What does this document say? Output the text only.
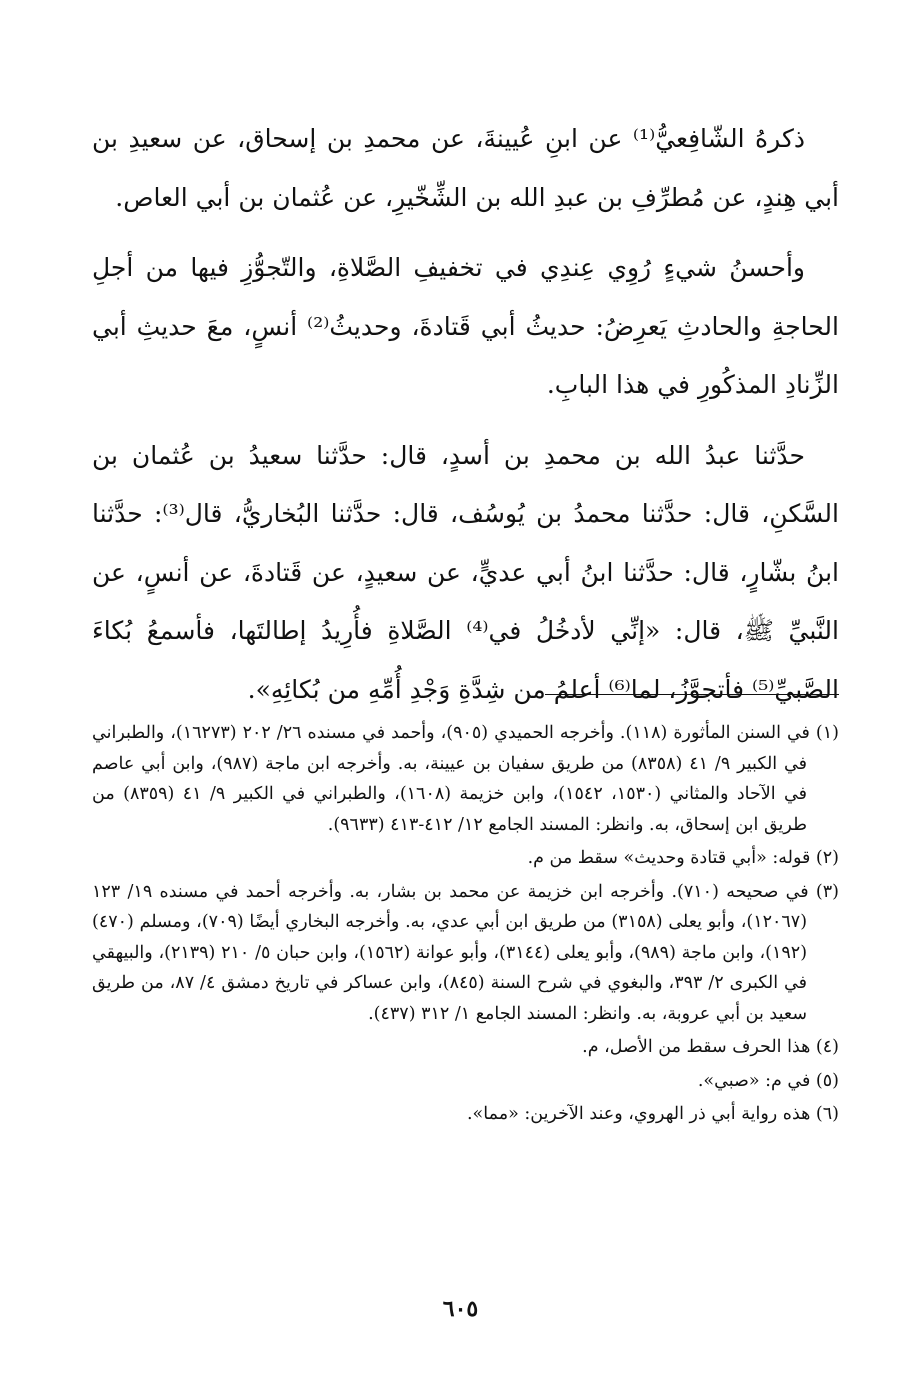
ذكرهُ الشّافِعيُّ⁽¹⁾ عن ابنِ عُيينةَ، عن محمدِ بن إسحاق، عن سعيدِ بن أبي هِندٍ، عن مُطرِّفِ بن عبدِ الله بن الشِّخّيرِ، عن عُثمان بن أبي العاص.

وأحسنُ شيءٍ رُوِي عِندِي في تخفيفِ الصَّلاةِ، والتّجوُّزِ فيها من أجلِ الحاجةِ والحادثِ يَعرِضُ: حديثُ أبي قَتادةَ، وحديثُ⁽²⁾ أنسٍ، معَ حديثِ أبي الزِّنادِ المذكُورِ في هذا البابِ.

حدَّثنا عبدُ الله بن محمدِ بن أسدٍ، قال: حدَّثنا سعيدُ بن عُثمان بن السَّكنِ، قال: حدَّثنا محمدُ بن يُوسُف، قال: حدَّثنا البُخاريُّ، قال⁽³⁾: حدَّثنا ابنُ بشّارٍ، قال: حدَّثنا ابنُ أبي عديٍّ، عن سعيدٍ، عن قَتادةَ، عن أنسٍ، عن النَّبيِّ ﷺ، قال: «إنِّي لأدخُلُ في⁽⁴⁾ الصَّلاةِ فأُرِيدُ إطالتَها، فأسمعُ بُكاءَ الصَّبيِّ⁽⁵⁾ فأتجوَّزُ، لما⁽⁶⁾ أعلمُ من شِدَّةِ وَجْدِ أُمِّهِ من بُكائِهِ».

(١) في السنن المأثورة (١١٨). وأخرجه الحميدي (٩٠٥)، وأحمد في مسنده ٢٦/ ٢٠٢ (١٦٢٧٣)، والطبراني في الكبير ٩/ ٤١ (٨٣٥٨) من طريق سفيان بن عيينة، به. وأخرجه ابن ماجة (٩٨٧)، وابن أبي عاصم في الآحاد والمثاني (١٥٣٠، ١٥٤٢)، وابن خزيمة (١٦٠٨)، والطبراني في الكبير ٩/ ٤١ (٨٣٥٩) من طريق ابن إسحاق، به. وانظر: المسند الجامع ١٢/ ٤١٢-٤١٣ (٩٦٣٣).

(٢) قوله: «أبي قتادة وحديث» سقط من م.

(٣) في صحيحه (٧١٠). وأخرجه ابن خزيمة عن محمد بن بشار، به. وأخرجه أحمد في مسنده ١٩/ ١٢٣ (١٢٠٦٧)، وأبو يعلى (٣١٥٨) من طريق ابن أبي عدي، به. وأخرجه البخاري أيضًا (٧٠٩)، ومسلم (٤٧٠) (١٩٢)، وابن ماجة (٩٨٩)، وأبو يعلى (٣١٤٤)، وأبو عوانة (١٥٦٢)، وابن حبان ٥/ ٢١٠ (٢١٣٩)، والبيهقي في الكبرى ٢/ ٣٩٣، والبغوي في شرح السنة (٨٤٥)، وابن عساكر في تاريخ دمشق ٤/ ٨٧، من طريق سعيد بن أبي عروبة، به. وانظر: المسند الجامع ١/ ٣١٢ (٤٣٧).

(٤) هذا الحرف سقط من الأصل، م.

(٥) في م: «صبي».

(٦) هذه رواية أبي ذر الهروي، وعند الآخرين: «مما».

٦٠٥
